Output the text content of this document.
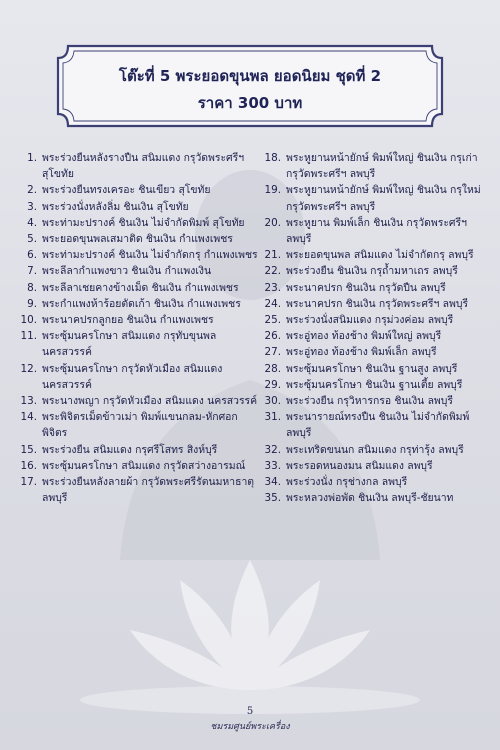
โต๊ะที่ 5 พระยอดขุนพล ยอดนิยม ชุดที่ 2
ราคา 300 บาท
1. พระร่วงยืนหลังรางปืน สนิมแดง กรุวัดพระศรีฯ สุโขทัย
2. พระร่วงยืนทรงเครอะ ชินเขียว สุโขทัย
3. พระร่วงนั่งหลังลิ่ม ชินเงิน สุโขทัย
4. พระท่ามะปรางค์ ชินเงิน ไม่จำกัดพิมพ์ สุโขทัย
5. พระยอดขุนพลเสมาติด ชินเงิน กำแพงเพชร
6. พระท่ามะปรางค์ ชินเงิน ไม่จำกัดกรุ กำแพงเพชร
7. พระลีลากำแพงขาว ชินเงิน กำแพงเงิน
8. พระลีลาเชยคางข้างเม็ด ชินเงิน กำแพงเพชร
9. พระกำแพงห้าร้อยตัดเก้า ชินเงิน กำแพงเพชร
10. พระนาคปรกลูกยอ ชินเงิน กำแพงเพชร
11. พระซุ้มนครโกษา สนิมแดง กรุทับขุนพล นครสวรรค์
12. พระซุ้มนครโกษา กรุวัดหัวเมือง สนิมแดง นครสวรรค์
13. พระนางพญา กรุวัดหัวเมือง สนิมแดง นครสวรรค์
14. พระพิจิตรเม็ดข้าวเม่า พิมพ์แขนกลม-หักศอก พิจิตร
15. พระร่วงยืน สนิมแดง กรุศรีโสทร สิงห์บุรี
16. พระซุ้มนครโกษา สนิมแดง กรุวัดสว่างอารมณ์
17. พระร่วงยืนหลังลายผ้า กรุวัดพระศรีรัตนมหาธาตุ ลพบุรี
18. พระหูยานหน้ายักษ์ พิมพ์ใหญ่ ชินเงิน กรุเก่า กรุวัดพระศรีฯ ลพบุรี
19. พระหูยานหน้ายักษ์ พิมพ์ใหญ่ ชินเงิน กรุใหม่ กรุวัดพระศรีฯ ลพบุรี
20. พระหูยาน พิมพ์เล็ก ชินเงิน กรุวัดพระศรีฯ ลพบุรี
21. พระยอดขุนพล สนิมแดง ไม่จำกัดกรุ ลพบุรี
22. พระร่วงยืน ชินเงิน กรุถ้ำมหาเถร ลพบุรี
23. พระนาคปรก ชินเงิน กรุวัดปืน ลพบุรี
24. พระนาคปรก ชินเงิน กรุวัดพระศรีฯ ลพบุรี
25. พระร่วงนั่งสนิมแดง กรุม่วงค่อม ลพบุรี
26. พระอู่ทอง ท้องช้าง พิมพ์ใหญ่ ลพบุรี
27. พระอู่ทอง ท้องช้าง พิมพ์เล็ก ลพบุรี
28. พระซุ้มนครโกษา ชินเงิน ฐานสูง ลพบุรี
29. พระซุ้มนครโกษา ชินเงิน ฐานเตี้ย ลพบุรี
30. พระร่วงยืน กรุวิหารกรอ ชินเงิน ลพบุรี
31. พระนารายณ์ทรงปืน ชินเงิน ไม่จำกัดพิมพ์ ลพบุรี
32. พระเทริดขนนก สนิมแดง กรุท่ารุ้ง ลพบุรี
33. พระรอดหนองมน สนิมแดง ลพบุรี
34. พระร่วงนั่ง กรุช่างกล ลพบุรี
35. พระหลวงพ่อพัด ชินเงิน ลพบุรี-ชัยนาท
5
ชมรมศูนย์พระเครื่อง
